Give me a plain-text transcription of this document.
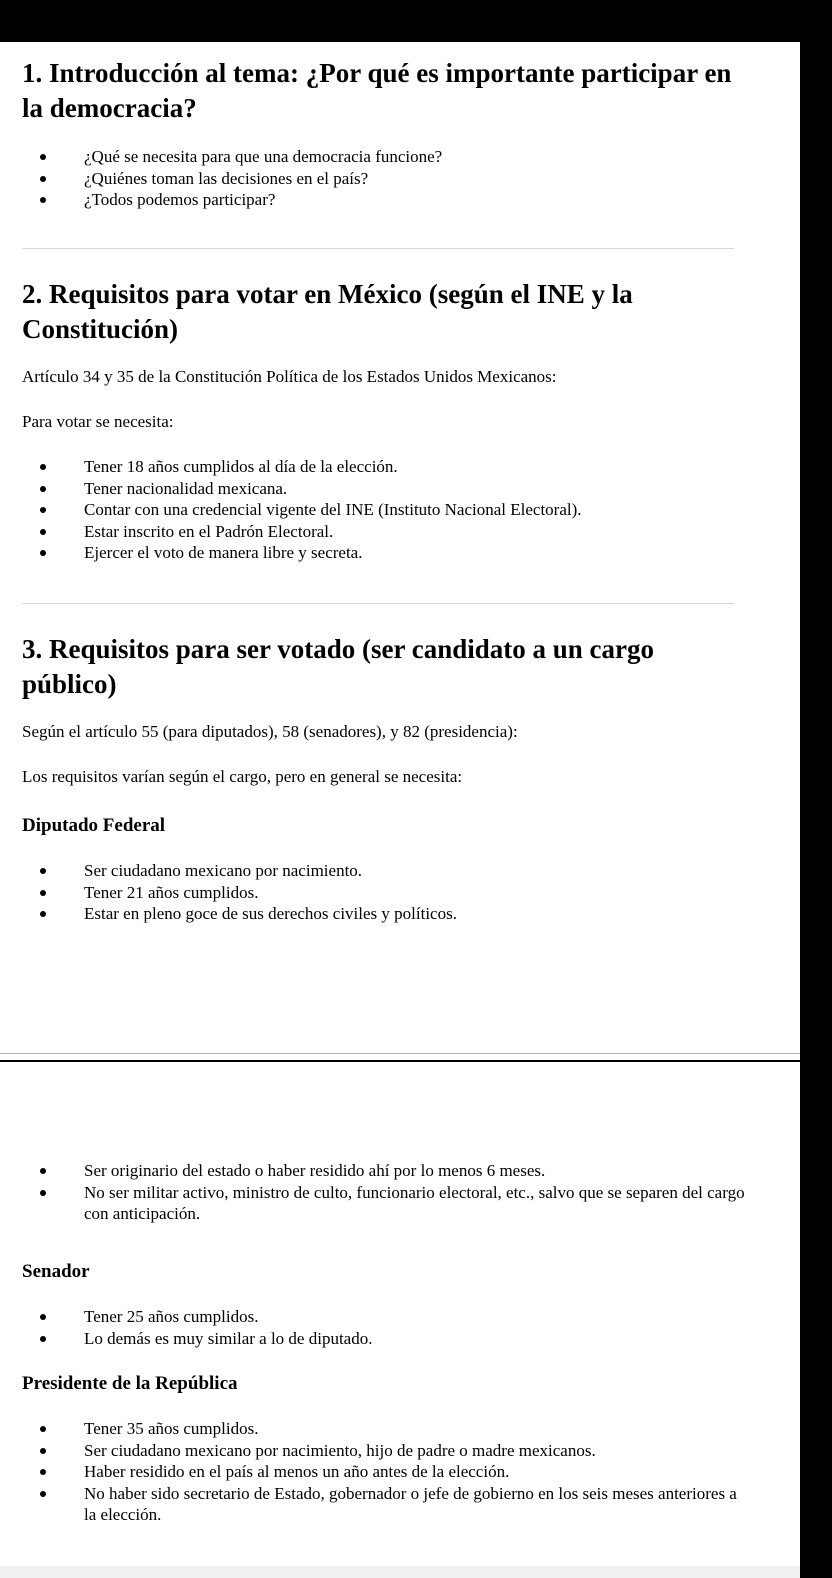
1. Introducción al tema: ¿Por qué es importante participar en la democracia?
¿Qué se necesita para que una democracia funcione?
¿Quiénes toman las decisiones en el país?
¿Todos podemos participar?
2. Requisitos para votar en México (según el INE y la Constitución)

Artículo 34 y 35 de la Constitución Política de los Estados Unidos Mexicanos:

Para votar se necesita:

Tener 18 años cumplidos al día de la elección.
Tener nacionalidad mexicana.
Contar con una credencial vigente del INE (Instituto Nacional Electoral).
Estar inscrito en el Padrón Electoral.
Ejercer el voto de manera libre y secreta.
3. Requisitos para ser votado (ser candidato a un cargo público)

Según el artículo 55 (para diputados), 58 (senadores), y 82 (presidencia):

Los requisitos varían según el cargo, pero en general se necesita:

Diputado Federal
Ser ciudadano mexicano por nacimiento.
Tener 21 años cumplidos.
Estar en pleno goce de sus derechos civiles y políticos.
Ser originario del estado o haber residido ahí por lo menos 6 meses.
No ser militar activo, ministro de culto, funcionario electoral, etc., salvo que se separen del cargo con anticipación.
Senador
Tener 25 años cumplidos.
Lo demás es muy similar a lo de diputado.
Presidente de la República
Tener 35 años cumplidos.
Ser ciudadano mexicano por nacimiento, hijo de padre o madre mexicanos.
Haber residido en el país al menos un año antes de la elección.
No haber sido secretario de Estado, gobernador o jefe de gobierno en los seis meses anteriores a la elección.
